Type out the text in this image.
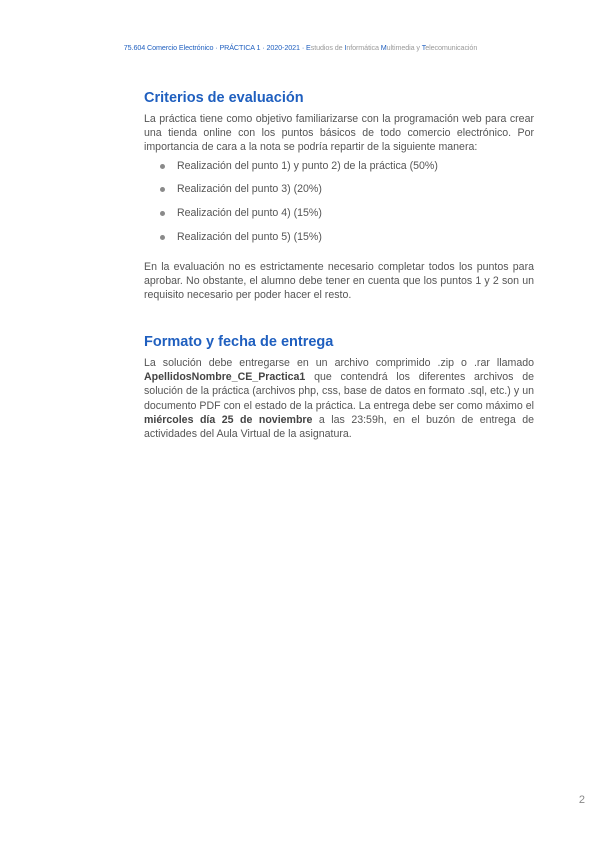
75.604 Comercio Electrónico · PRÁCTICA 1 · 2020-2021 · Estudios de Informática Multimedia y Telecomunicación
Criterios de evaluación

La práctica tiene como objetivo familiarizarse con la programación web para crear una tienda online con los puntos básicos de todo comercio electrónico. Por importancia de cara a la nota se podría repartir de la siguiente manera:

Realización del punto 1) y punto 2) de la práctica (50%)
Realización del punto 3) (20%)
Realización del punto 4) (15%)
Realización del punto 5) (15%)

En la evaluación no es estrictamente necesario completar todos los puntos para aprobar. No obstante, el alumno debe tener en cuenta que los puntos 1 y 2 son un requisito necesario per poder hacer el resto.

Formato y fecha de entrega

La solución debe entregarse en un archivo comprimido .zip o .rar llamado ApellidosNombre_CE_Practica1 que contendrá los diferentes archivos de solución de la práctica (archivos php, css, base de datos en formato .sql, etc.) y un documento PDF con el estado de la práctica. La entrega debe ser como máximo el miércoles día 25 de noviembre a las 23:59h, en el buzón de entrega de actividades del Aula Virtual de la asignatura.

2
